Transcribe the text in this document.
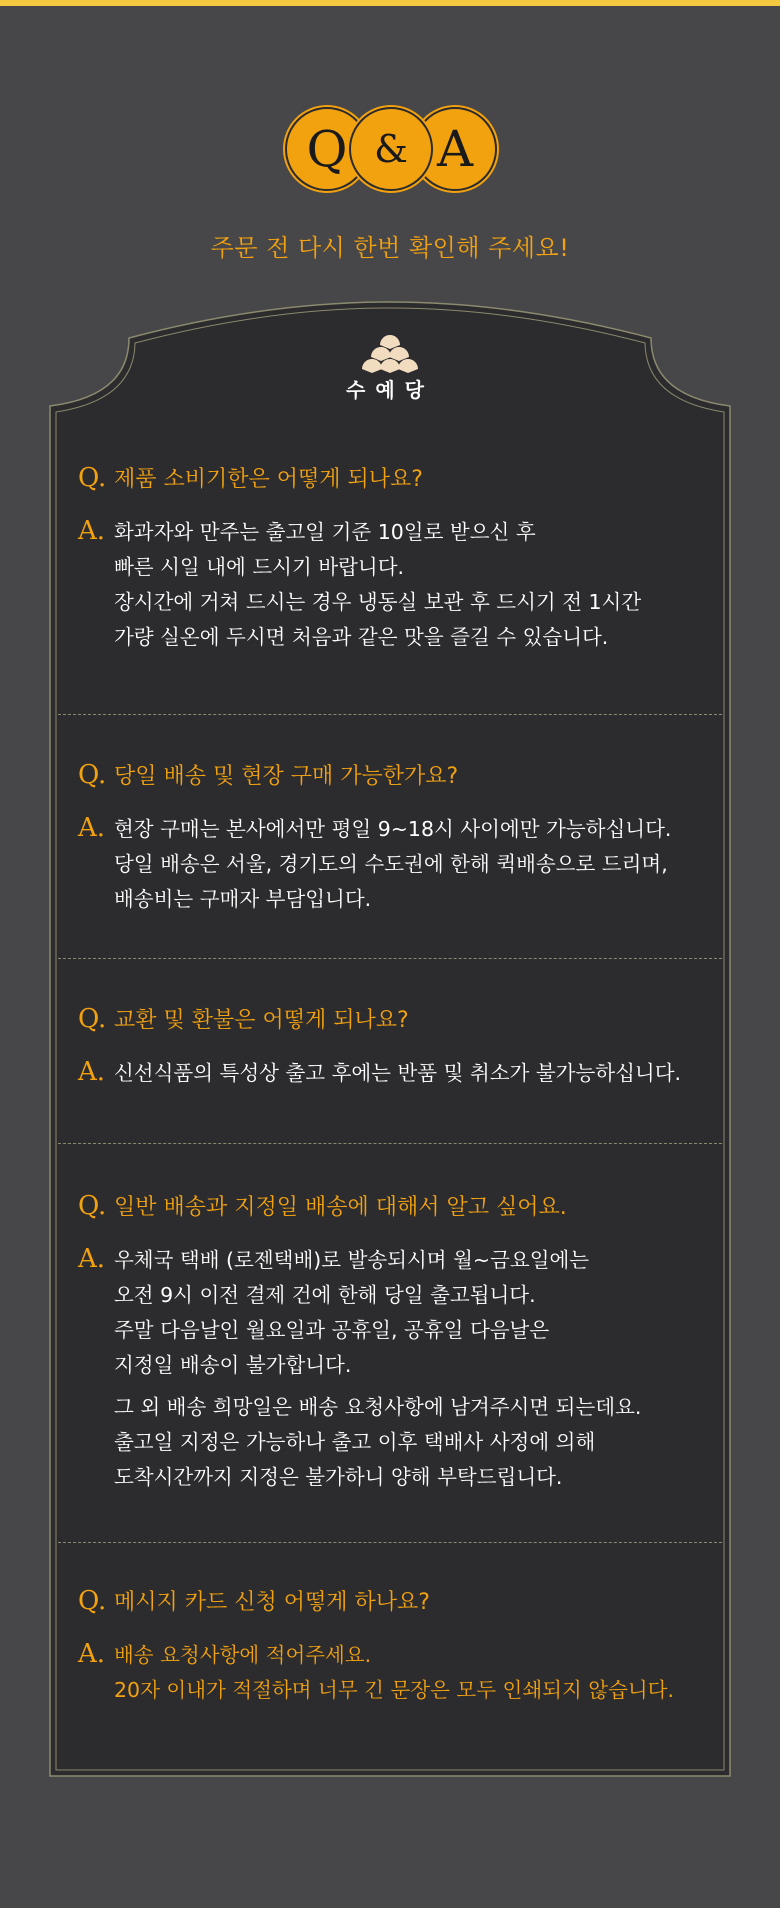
Q	A
&
주문 전 다시 한번 확인해 주세요!
수예당
Q. 제품 소비기한은 어떻게 되나요?
A. 화과자와 만주는 출고일 기준 10일로 받으신 후

빠른 시일 내에 드시기 바랍니다.

장시간에 거쳐 드시는 경우 냉동실 보관 후 드시기 전 1시간

가량 실온에 두시면 처음과 같은 맛을 즐길 수 있습니다.

Q. 당일 배송 및 현장 구매 가능한가요?
A. 현장 구매는 본사에서만 평일 9~18시 사이에만 가능하십니다.

당일 배송은 서울, 경기도의 수도권에 한해 퀵배송으로 드리며,

배송비는 구매자 부담입니다.

Q. 교환 및 환불은 어떻게 되나요?
A. 신선식품의 특성상 출고 후에는 반품 및 취소가 불가능하십니다.

Q. 일반 배송과 지정일 배송에 대해서 알고 싶어요.
A. 우체국 택배 (로젠택배)로 발송되시며 월~금요일에는

오전 9시 이전 결제 건에 한해 당일 출고됩니다.

주말 다음날인 월요일과 공휴일, 공휴일 다음날은

지정일 배송이 불가합니다.

그 외 배송 희망일은 배송 요청사항에 남겨주시면 되는데요.

출고일 지정은 가능하나 출고 이후 택배사 사정에 의해

도착시간까지 지정은 불가하니 양해 부탁드립니다.

Q. 메시지 카드 신청 어떻게 하나요?
A. 배송 요청사항에 적어주세요.

20자 이내가 적절하며 너무 긴 문장은 모두 인쇄되지 않습니다.
